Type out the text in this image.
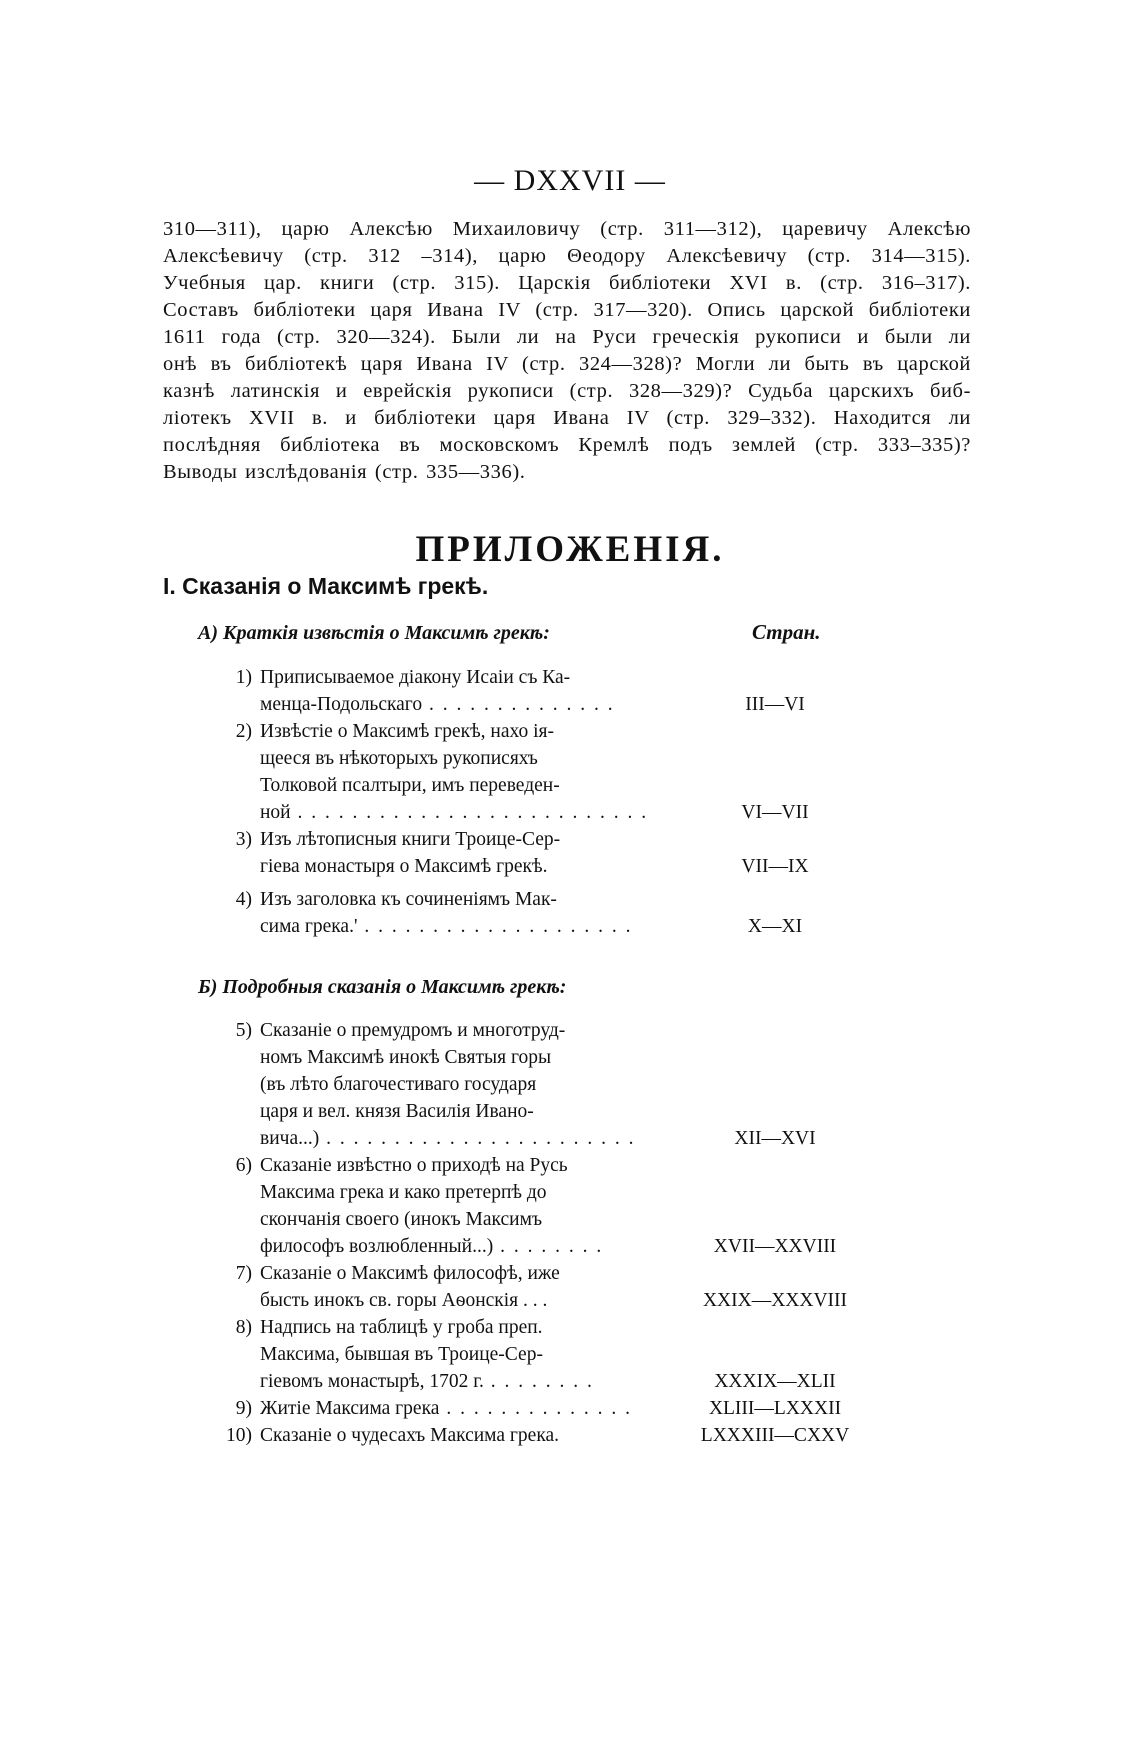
— DXXVII —
310—311), царю Алексѣю Михаиловичу (стр. 311—312), царевичу Алексѣю
Алексѣевичу (стр. 312 –314), царю Θеодору Алексѣевичу (стр. 314—315).
Учебныя цар. книги (стр. 315). Царскія библіотеки XVI в. (стр. 316–317).
Составъ библіотеки царя Ивана IV (стр. 317—320). Опись царской библіотеки
1611 года (стр. 320—324). Были ли на Руси греческія рукописи и были ли
онѣ въ библіотекѣ царя Ивана IV (стр. 324—328)? Могли ли быть въ царской
казнѣ латинскія и еврейскія рукописи (стр. 328—329)? Судьба царскихъ биб-
ліотекъ XVII в. и библіотеки царя Ивана IV (стр. 329–332). Находится ли
послѣдняя библіотека въ московскомъ Кремлѣ подъ землей (стр. 333–335)?
Выводы изслѣдованія (стр. 335—336).
ПРИЛОЖЕНІЯ.
I. Сказанія о Максимѣ грекѣ.
А) Краткія извѣстія о Максимѣ грекѣ:	Стран.
1) Приписываемое діакону Исаіи съ Ка-
менца-Подольскаго . . . . . . . . . . . . . .	III—VI
2) Извѣстіе о Максимѣ грекѣ, нахо ія-
щееся въ нѣкоторыхъ рукописяхъ
Толковой псалтыри, имъ переведен-
ной . . . . . . . . . . . . . . . . . . . . . . . . . .	VI—VII
3) Изъ лѣтописныя книги Троице-Сер-
гіева монастыря о Максимѣ грекѣ.	VII—IX
4) Изъ заголовка къ сочиненіямъ Мак-
сима грека.' . . . . . . . . . . . . . . . . . . . .	X—XI
Б) Подробныя сказанія о Максимѣ грекѣ:
5) Сказаніе о премудромъ и многотруд-
номъ Максимѣ инокѣ Святыя горы
(въ лѣто благочестиваго государя
царя и вел. князя Василія Ивано-
вича...) . . . . . . . . . . . . . . . . . . . . . . .	XII—XVI
6) Сказаніе извѣстно о приходѣ на Русь
Максима грека и како претерпѣ до
скончанія своего (инокъ Максимъ
философъ возлюбленный...) . . . . . . . .	XVII—XXVIII
7) Сказаніе о Максимѣ философѣ, иже
бысть инокъ св. горы Аѳонскія . . .	XXIX—XXXVIII
8) Надпись на таблицѣ у гроба преп.
Максима, бывшая въ Троице-Сер-
гіевомъ монастырѣ, 1702 г. . . . . . . . .	XXXIX—XLII
9) Житіе Максима грека . . . . . . . . . . . . . .	XLIII—LXXXII
10) Сказаніе о чудесахъ Максима грека.	LXXXIII—CXXV
